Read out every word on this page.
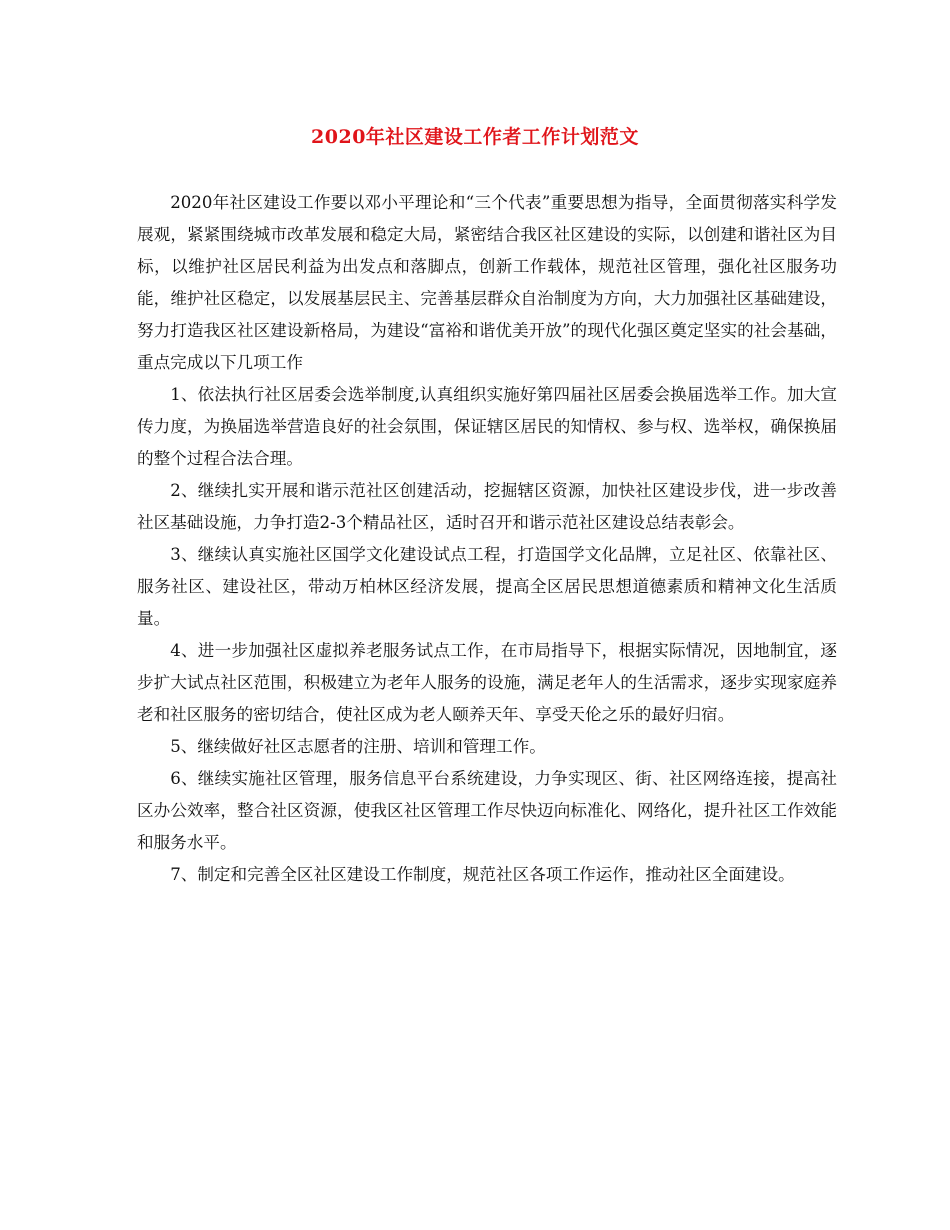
2020年社区建设工作者工作计划范文

2020年社区建设工作要以邓小平理论和“三个代表”重要思想为指导，全面贯彻落实科学发展观，紧紧围绕城市改革发展和稳定大局，紧密结合我区社区建设的实际，以创建和谐社区为目标，以维护社区居民利益为出发点和落脚点，创新工作载体，规范社区管理，强化社区服务功能，维护社区稳定，以发展基层民主、完善基层群众自治制度为方向，大力加强社区基础建设，努力打造我区社区建设新格局，为建设“富裕和谐优美开放”的现代化强区奠定坚实的社会基础，重点完成以下几项工作

1、依法执行社区居委会选举制度,认真组织实施好第四届社区居委会换届选举工作。加大宣传力度，为换届选举营造良好的社会氛围，保证辖区居民的知情权、参与权、选举权，确保换届的整个过程合法合理。

2、继续扎实开展和谐示范社区创建活动，挖掘辖区资源，加快社区建设步伐，进一步改善社区基础设施，力争打造2-3个精品社区，适时召开和谐示范社区建设总结表彰会。

3、继续认真实施社区国学文化建设试点工程，打造国学文化品牌，立足社区、依靠社区、服务社区、建设社区，带动万柏林区经济发展，提高全区居民思想道德素质和精神文化生活质量。

4、进一步加强社区虚拟养老服务试点工作，在市局指导下，根据实际情况，因地制宜，逐步扩大试点社区范围，积极建立为老年人服务的设施，满足老年人的生活需求，逐步实现家庭养老和社区服务的密切结合，使社区成为老人颐养天年、享受天伦之乐的最好归宿。

5、继续做好社区志愿者的注册、培训和管理工作。

6、继续实施社区管理，服务信息平台系统建设，力争实现区、街、社区网络连接，提高社区办公效率，整合社区资源，使我区社区管理工作尽快迈向标准化、网络化，提升社区工作效能和服务水平。

7、制定和完善全区社区建设工作制度，规范社区各项工作运作，推动社区全面建设。
